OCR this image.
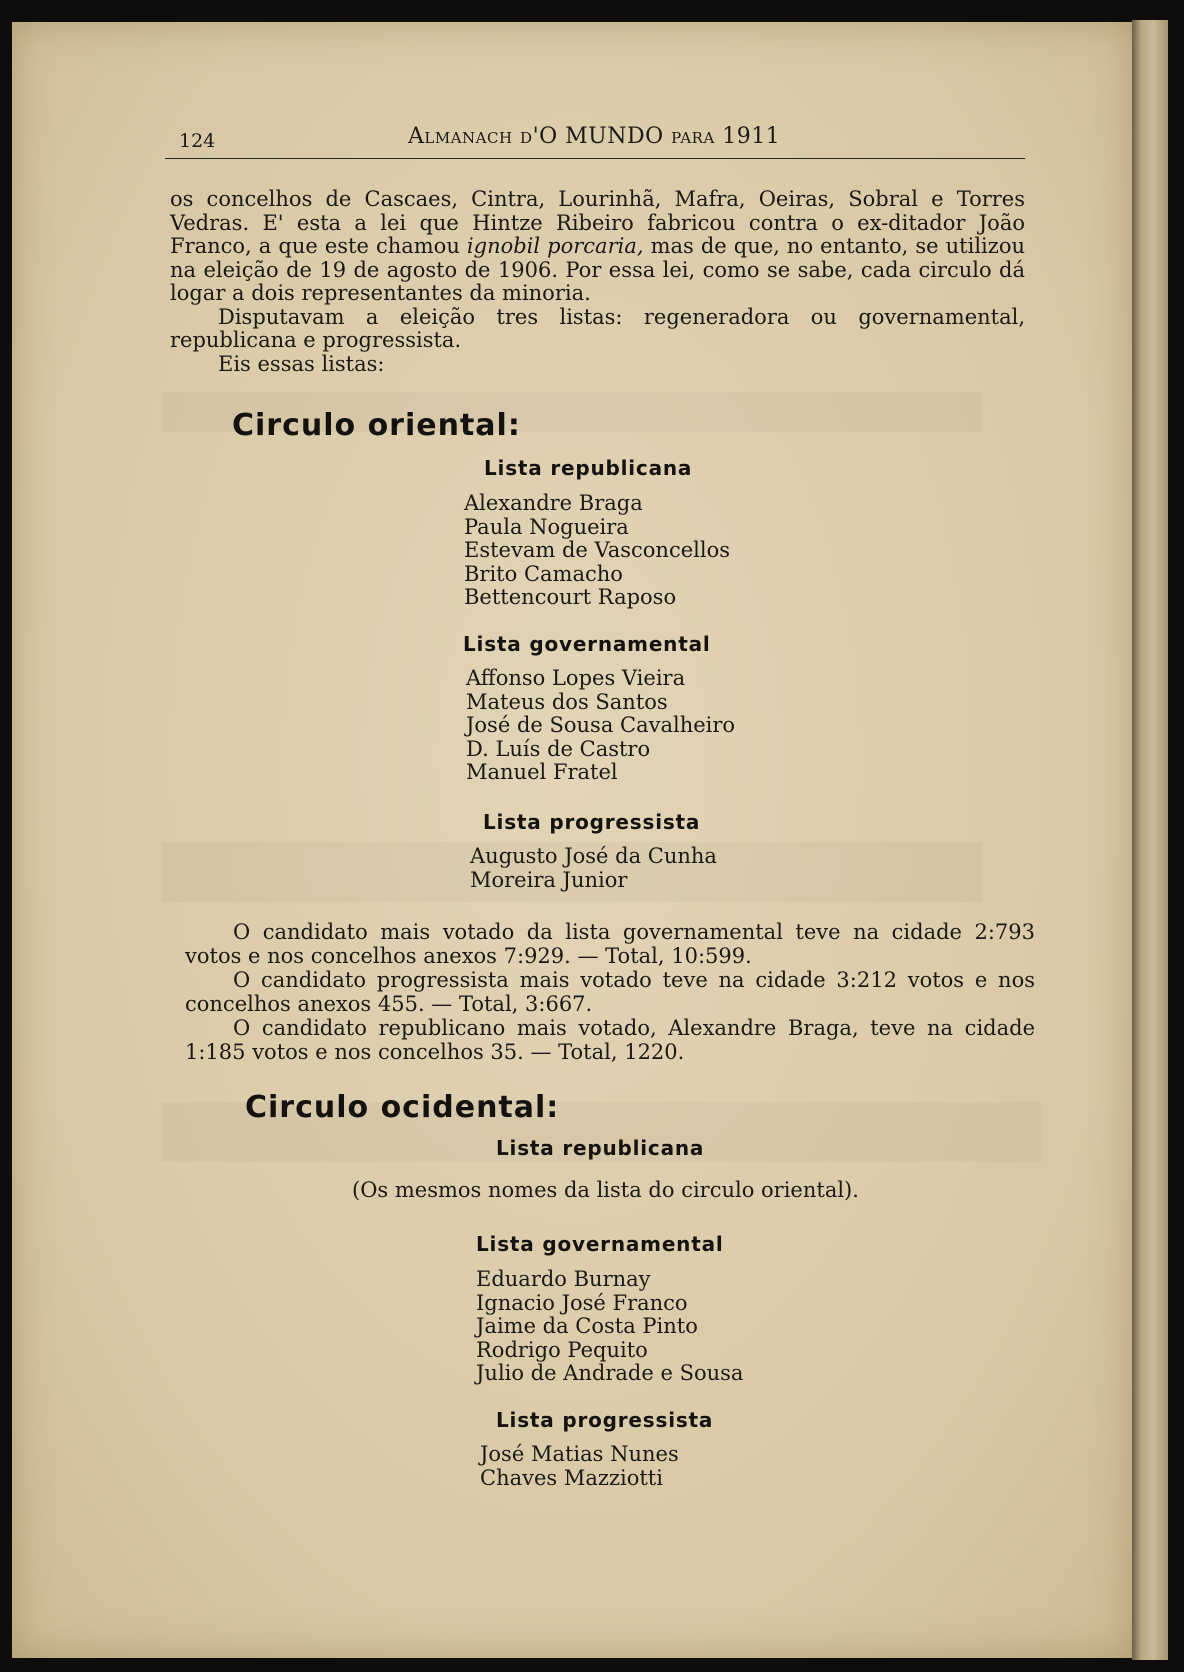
124	Almanach d'O MUNDO para 1911

os concelhos de Cascaes, Cintra, Lourinhã, Mafra, Oeiras, Sobral e Torres Vedras. E' esta a lei que Hintze Ribeiro fabricou contra o ex-ditador João Franco, a que este chamou ignobil porcaria, mas de que, no entanto, se utilizou na eleição de 19 de agosto de 1906. Por essa lei, como se sabe, cada circulo dá logar a dois representantes da minoria.

Disputavam a eleição tres listas: regeneradora ou governamental, republicana e progressista.

Eis essas listas:

Circulo oriental:
Lista republicana
Alexandre Braga
Paula Nogueira
Estevam de Vasconcellos
Brito Camacho
Bettencourt Raposo
Lista governamental
Affonso Lopes Vieira
Mateus dos Santos
José de Sousa Cavalheiro
D. Luís de Castro
Manuel Fratel
Lista progressista
Augusto José da Cunha
Moreira Junior

O candidato mais votado da lista governamental teve na cidade 2:793 votos e nos concelhos anexos 7:929. — Total, 10:599.

O candidato progressista mais votado teve na cidade 3:212 votos e nos concelhos anexos 455. — Total, 3:667.

O candidato republicano mais votado, Alexandre Braga, teve na cidade 1:185 votos e nos concelhos 35. — Total, 1220.

Circulo ocidental:
Lista republicana
(Os mesmos nomes da lista do circulo oriental).
Lista governamental
Eduardo Burnay
Ignacio José Franco
Jaime da Costa Pinto
Rodrigo Pequito
Julio de Andrade e Sousa
Lista progressista
José Matias Nunes
Chaves Mazziotti
